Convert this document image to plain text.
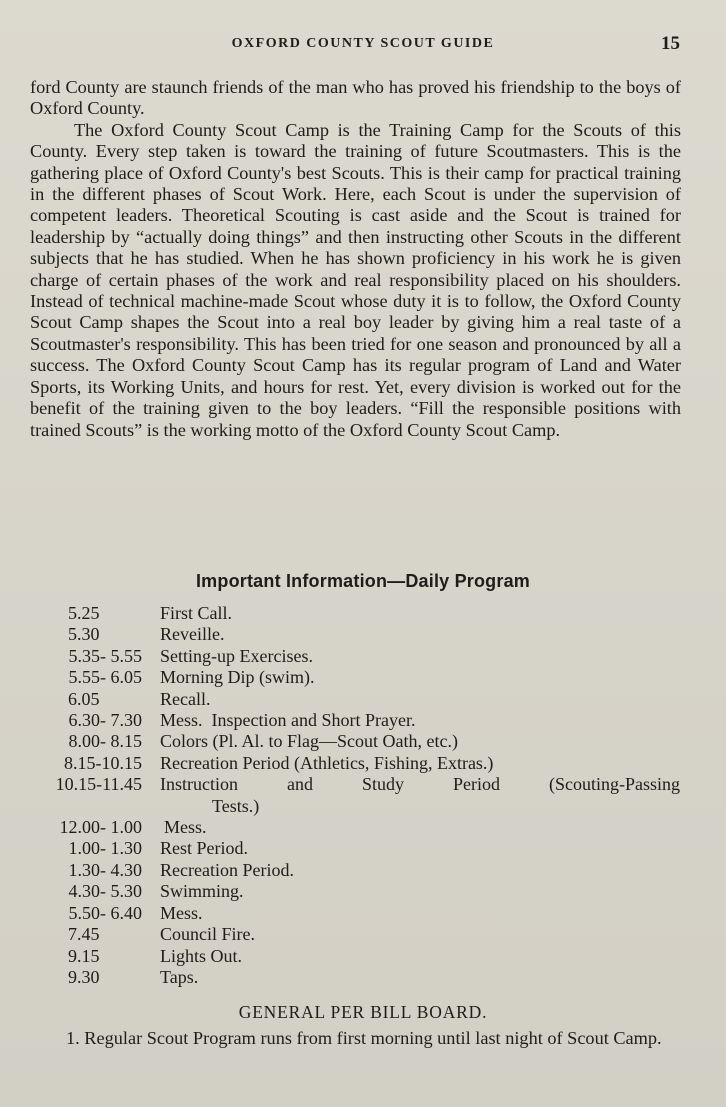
OXFORD COUNTY SCOUT GUIDE	15

ford County are staunch friends of the man who has proved his friendship to the boys of Oxford County.

The Oxford County Scout Camp is the Training Camp for the Scouts of this County. Every step taken is toward the training of future Scoutmasters. This is the gathering place of Oxford County's best Scouts. This is their camp for practical training in the different phases of Scout Work. Here, each Scout is under the supervision of competent leaders. Theoretical Scouting is cast aside and the Scout is trained for leadership by “actually doing things” and then instructing other Scouts in the different subjects that he has studied. When he has shown proficiency in his work he is given charge of certain phases of the work and real responsibility placed on his shoulders. Instead of technical machine-made Scout whose duty it is to follow, the Oxford County Scout Camp shapes the Scout into a real boy leader by giving him a real taste of a Scoutmaster's responsibility. This has been tried for one season and pronounced by all a success. The Oxford County Scout Camp has its regular program of Land and Water Sports, its Working Units, and hours for rest. Yet, every division is worked out for the benefit of the training given to the boy leaders. “Fill the responsible positions with trained Scouts” is the working motto of the Oxford County Scout Camp.

Important Information—Daily Program
5.25	First Call.
5.30	Reveille.
5.35- 5.55	Setting-up Exercises.
5.55- 6.05	Morning Dip (swim).
6.05	Recall.
6.30- 7.30	Mess.  Inspection and Short Prayer.
8.00- 8.15	Colors (Pl. Al. to Flag—Scout Oath, etc.)
8.15-10.15	Recreation Period (Athletics, Fishing, Extras.)
10.15-11.45	Instruction and Study Period (Scouting-Passing
Tests.)
12.00- 1.00	Mess.
1.00- 1.30	Rest Period.
1.30- 4.30	Recreation Period.
4.30- 5.30	Swimming.
5.50- 6.40	Mess.
7.45	Council Fire.
9.15	Lights Out.
9.30	Taps.
GENERAL PER BILL BOARD.

1. Regular Scout Program runs from first morning until last night of Scout Camp.
